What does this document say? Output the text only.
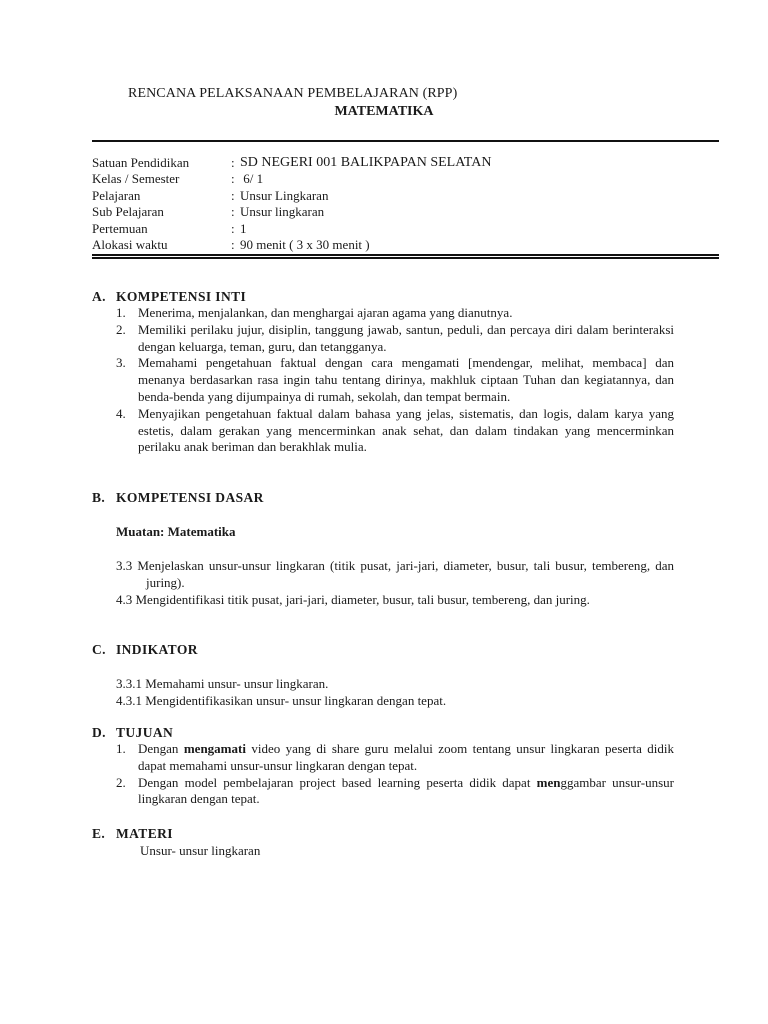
RENCANA PELAKSANAAN PEMBELAJARAN (RPP)
MATEMATIKA
Satuan Pendidikan	: SD NEGERI 001 BALIKPAPAN SELATAN
Kelas / Semester	: 6/ 1
Pelajaran	: Unsur Lingkaran
Sub Pelajaran	: Unsur lingkaran
Pertemuan	: 1
Alokasi waktu	: 90 menit ( 3 x 30 menit )
A. KOMPETENSI INTI
1. Menerima, menjalankan, dan menghargai ajaran agama yang dianutnya.
2. Memiliki perilaku jujur, disiplin, tanggung jawab, santun, peduli, dan percaya diri dalam berinteraksi dengan keluarga, teman, guru, dan tetangganya.
3. Memahami pengetahuan faktual dengan cara mengamati [mendengar, melihat, membaca] dan menanya berdasarkan rasa ingin tahu tentang dirinya, makhluk ciptaan Tuhan dan kegiatannya, dan benda-benda yang dijumpainya di rumah, sekolah, dan tempat bermain.
4. Menyajikan pengetahuan faktual dalam bahasa yang jelas, sistematis, dan logis, dalam karya yang estetis, dalam gerakan yang mencerminkan anak sehat, dan dalam tindakan yang mencerminkan perilaku anak beriman dan berakhlak mulia.
B. KOMPETENSI DASAR
Muatan: Matematika
3.3 Menjelaskan unsur-unsur lingkaran (titik pusat, jari-jari, diameter, busur, tali busur, tembereng, dan juring).
4.3 Mengidentifikasi titik pusat, jari-jari, diameter, busur, tali busur, tembereng, dan juring.
C. INDIKATOR
3.3.1 Memahami unsur- unsur lingkaran.
4.3.1 Mengidentifikasikan unsur- unsur lingkaran dengan tepat.
D. TUJUAN
1. Dengan mengamati video yang di share guru melalui zoom tentang unsur lingkaran peserta didik dapat memahami unsur-unsur lingkaran dengan tepat.
2. Dengan model pembelajaran project based learning peserta didik dapat menggambar unsur-unsur lingkaran dengan tepat.
E. MATERI
Unsur- unsur lingkaran
